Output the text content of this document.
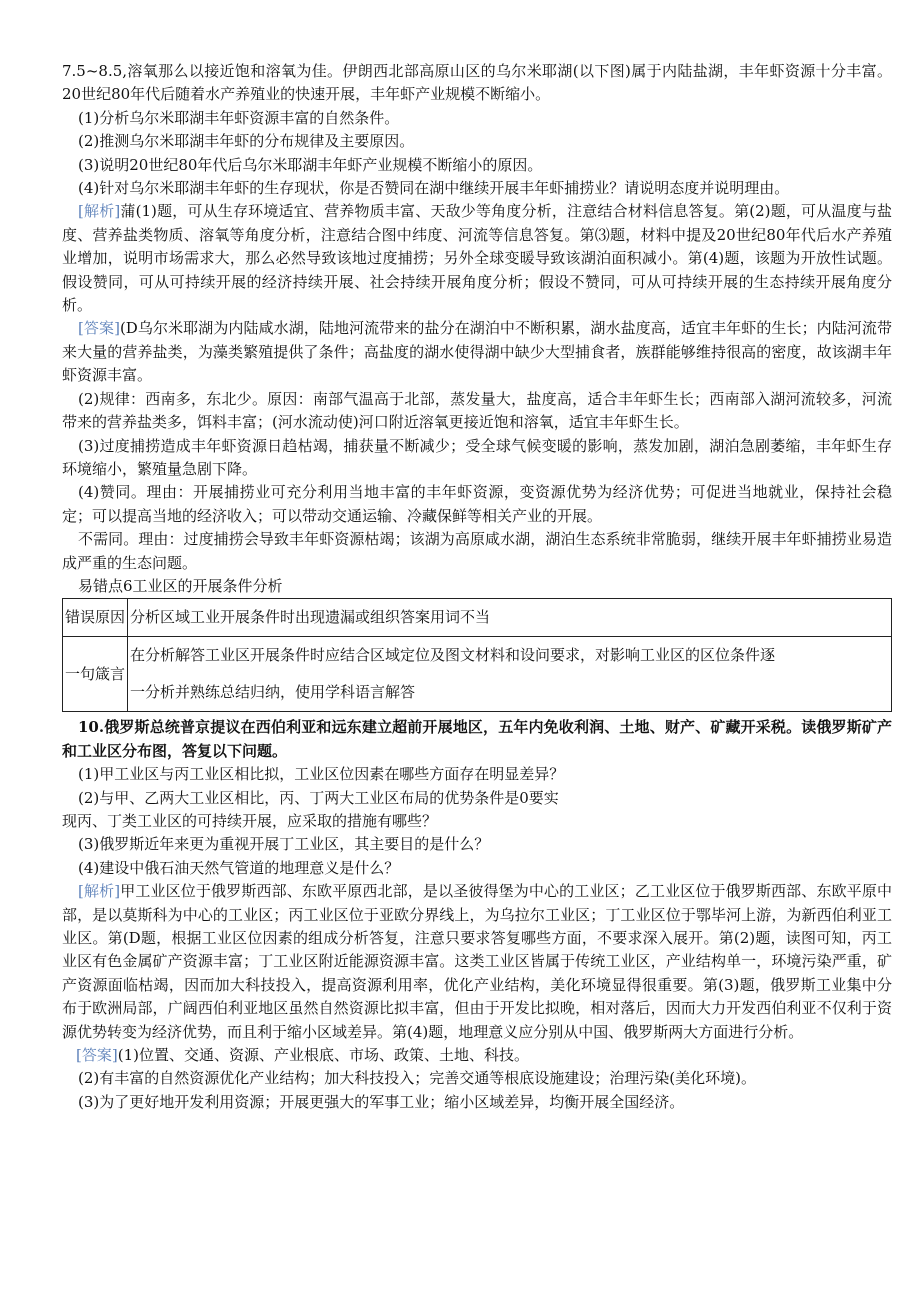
7.5~8.5,溶氧那么以接近饱和溶氧为佳。伊朗西北部高原山区的乌尔米耶湖(以下图)属于内陆盐湖，丰年虾资源十分丰富。20世纪80年代后随着水产养殖业的快速开展，丰年虾产业规模不断缩小。

(1)分析乌尔米耶湖丰年虾资源丰富的自然条件。

(2)推测乌尔米耶湖丰年虾的分布规律及主要原因。

(3)说明20世纪80年代后乌尔米耶湖丰年虾产业规模不断缩小的原因。

(4)针对乌尔米耶湖丰年虾的生存现状，你是否赞同在湖中继续开展丰年虾捕捞业？请说明态度并说明理由。

[解析]蒲(1)题，可从生存环境适宜、营养物质丰富、天敌少等角度分析，注意结合材料信息答复。第(2)题，可从温度与盐度、营养盐类物质、溶氧等角度分析，注意结合图中纬度、河流等信息答复。第⑶题，材料中提及20世纪80年代后水产养殖业增加，说明市场需求大，那么必然导致该地过度捕捞；另外全球变暖导致该湖泊面积减小。第(4)题，该题为开放性试题。假设赞同，可从可持续开展的经济持续开展、社会持续开展角度分析；假设不赞同，可从可持续开展的生态持续开展角度分析。

[答案](D乌尔米耶湖为内陆咸水湖，陆地河流带来的盐分在湖泊中不断积累，湖水盐度高，适宜丰年虾的生长；内陆河流带来大量的营养盐类，为藻类繁殖提供了条件；高盐度的湖水使得湖中缺少大型捕食者，族群能够维持很高的密度，故该湖丰年虾资源丰富。

(2)规律：西南多，东北少。原因：南部气温高于北部，蒸发量大，盐度高，适合丰年虾生长；西南部入湖河流较多，河流带来的营养盐类多，饵料丰富；(河水流动使)河口附近溶氧更接近饱和溶氧，适宜丰年虾生长。

(3)过度捕捞造成丰年虾资源日趋枯竭，捕获量不断减少；受全球气候变暖的影响，蒸发加剧，湖泊急剧萎缩，丰年虾生存环境缩小，繁殖量急剧下降。

(4)赞同。理由：开展捕捞业可充分利用当地丰富的丰年虾资源，变资源优势为经济优势；可促进当地就业，保持社会稳定；可以提高当地的经济收入；可以带动交通运输、冷藏保鲜等相关产业的开展。

不需同。理由：过度捕捞会导致丰年虾资源枯竭；该湖为高原咸水湖，湖泊生态系统非常脆弱，继续开展丰年虾捕捞业易造成严重的生态问题。

易错点6工业区的开展条件分析

错误原因	分析区域工业开展条件时出现遗漏或组织答案用词不当
一句箴言	在分析解答工业区开展条件时应结合区域定位及图文材料和设问要求，对影响工业区的区位条件逐
一分析并熟练总结归纳，使用学科语言解答

10.俄罗斯总统普京提议在西伯利亚和远东建立超前开展地区，五年内免收利润、土地、财产、矿藏开采税。读俄罗斯矿产和工业区分布图，答复以下问题。

(1)甲工业区与丙工业区相比拟，工业区位因素在哪些方面存在明显差异？

(2)与甲、乙两大工业区相比，丙、丁两大工业区布局的优势条件是0要实

现丙、丁类工业区的可持续开展，应采取的措施有哪些？

(3)俄罗斯近年来更为重视开展丁工业区，其主要目的是什么？

(4)建设中俄石油天然气管道的地理意义是什么？

[解析]甲工业区位于俄罗斯西部、东欧平原西北部，是以圣彼得堡为中心的工业区；乙工业区位于俄罗斯西部、东欧平原中部，是以莫斯科为中心的工业区；丙工业区位于亚欧分界线上，为乌拉尔工业区；丁工业区位于鄂毕河上游，为新西伯利亚工业区。第(D题，根据工业区位因素的组成分析答复，注意只要求答复哪些方面，不要求深入展开。第(2)题，读图可知，丙工业区有色金属矿产资源丰富；丁工业区附近能源资源丰富。这类工业区皆属于传统工业区，产业结构单一，环境污染严重，矿产资源面临枯竭，因而加大科技投入，提高资源利用率，优化产业结构，美化环境显得很重要。第(3)题，俄罗斯工业集中分布于欧洲局部，广阔西伯利亚地区虽然自然资源比拟丰富，但由于开发比拟晚，相对落后，因而大力开发西伯利亚不仅利于资源优势转变为经济优势，而且利于缩小区域差异。第(4)题，地理意义应分别从中国、俄罗斯两大方面进行分析。

[答案](1)位置、交通、资源、产业根底、市场、政策、土地、科技。

(2)有丰富的自然资源优化产业结构；加大科技投入；完善交通等根底设施建设；治理污染(美化环境)。

(3)为了更好地开发利用资源；开展更强大的军事工业；缩小区域差异，均衡开展全国经济。
